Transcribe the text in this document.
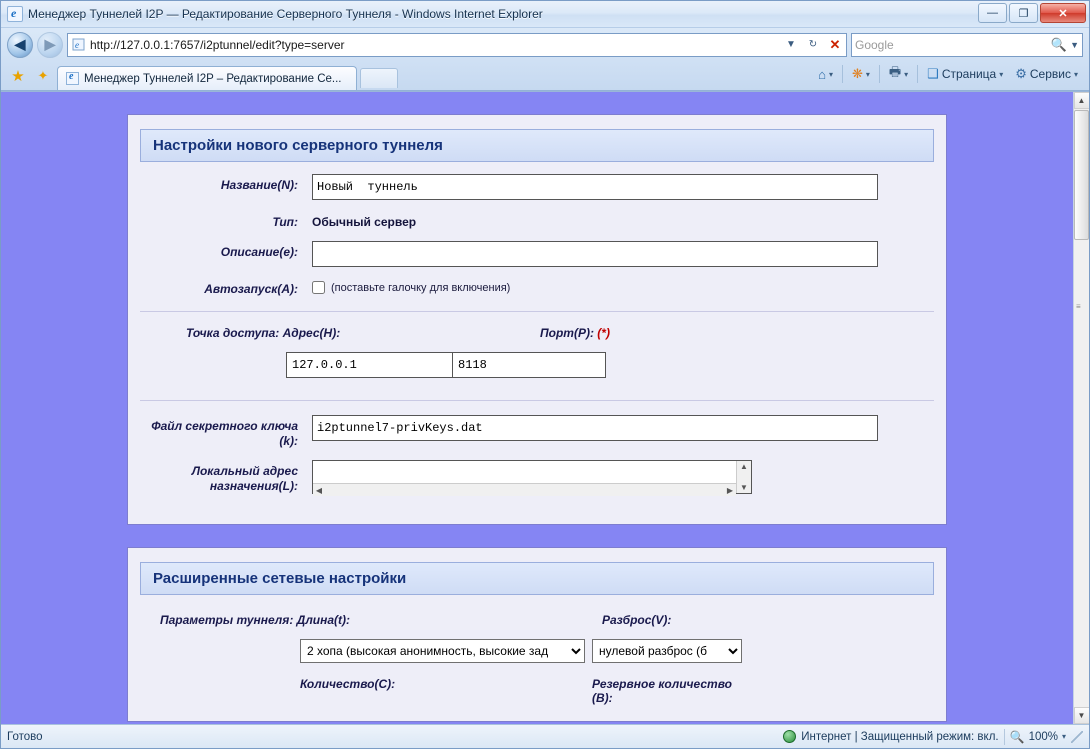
e
Менеджер Туннелей I2P — Редактирование Серверного Туннеля - Windows Internet Explorer	—	❐	✕
◀	▶	e http://127.0.0.1:7657/i2ptunnel/edit?type=server	▼	↻ ✕ Google	🔍 ▼
★ ✦ e	Менеджер Туннелей I2P – Редактирование Се...	⌂ ▾ ❋ ▾ 🖶 ▾ ❑ Страница ▾ ⚙ Сервис ▾
Настройки нового серверного туннеля
Название(N):
Новый туннель
Тип:	Обычный сервер
Описание(e):
Автозапуск(A):	(поставьте галочку для включения)
Точка доступа: Адрес(H):	Порт(P): (*)
127.0.0.1
8118
Файл секретного ключа
(k):
i2ptunnel7-privKeys.dat
Локальный адрес
назначения(L):
▲
▼
◀	▶
Расширенные сетевые настройки
Параметры туннеля: Длина(t):	Разброс(V):
2 хопа (высокая анонимность, высокие зад
нулевой разброс (б
Количество(C):	Резервное количество
(B):
▲
≡
▼
Готово	Интернет | Защищенный режим: вкл. 🔍 100% ▾
